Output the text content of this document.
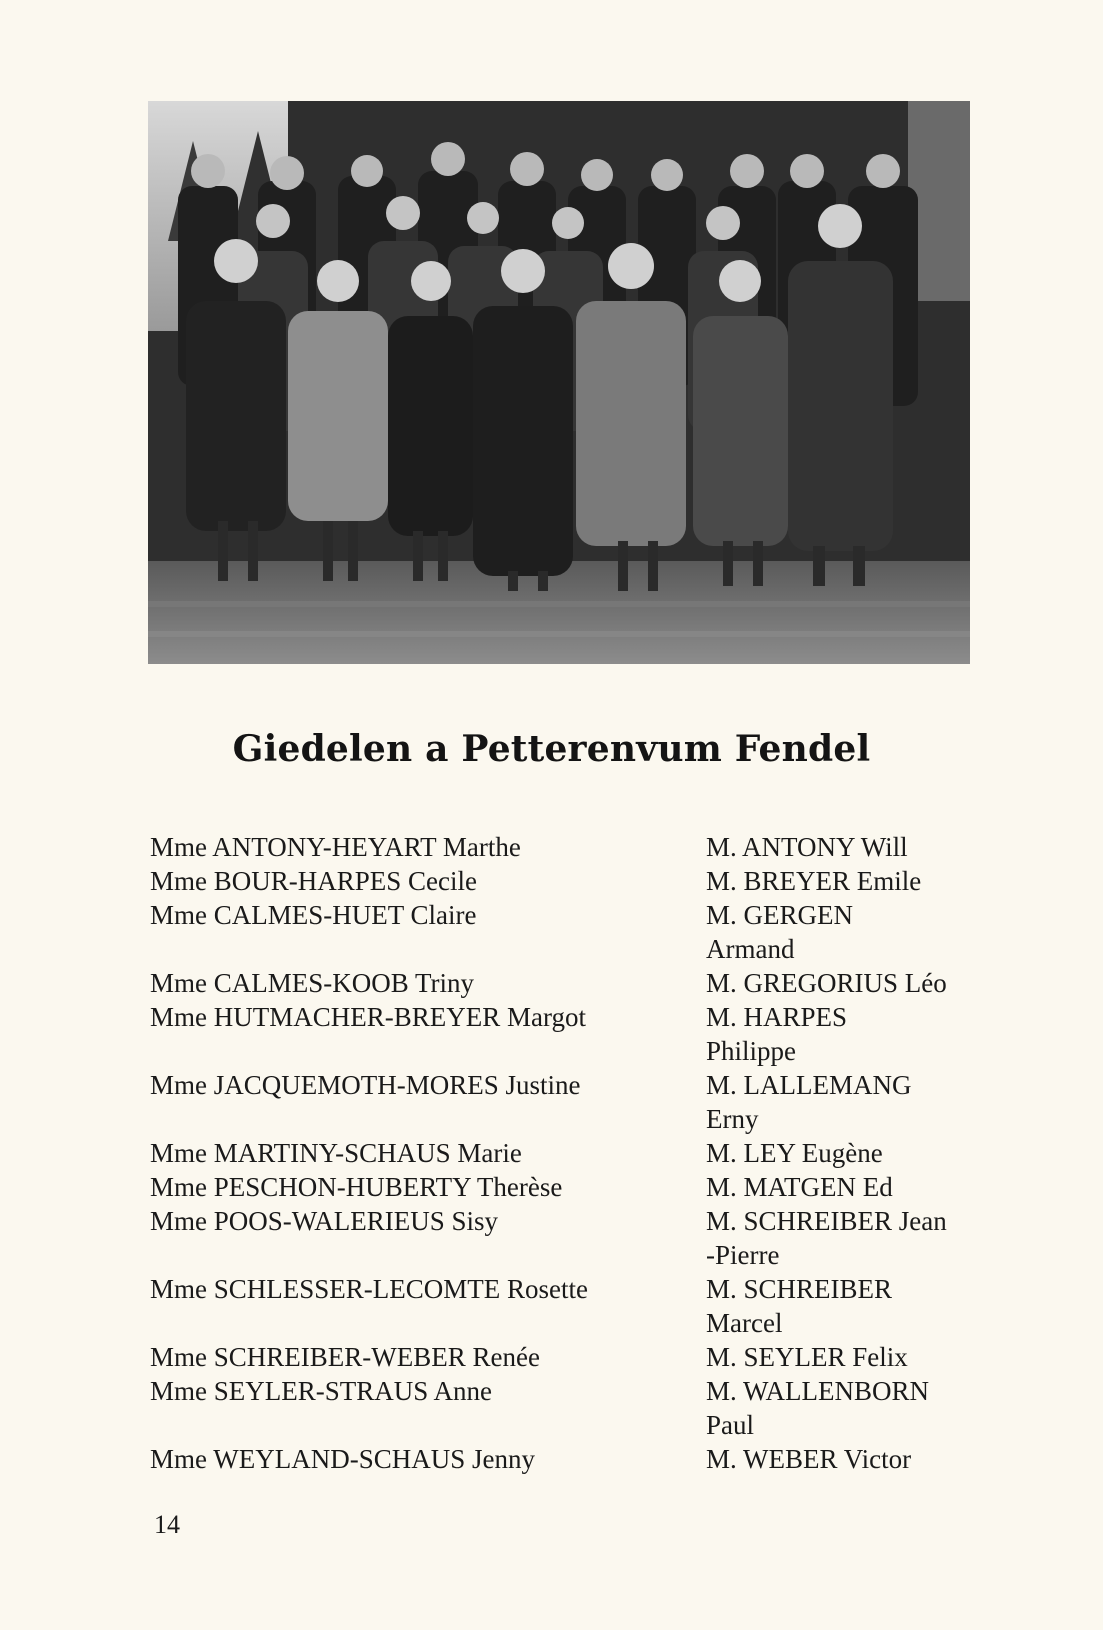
Giedelen a Petterenvum Fendel
Mme ANTONY-HEYART Marthe
Mme BOUR-HARPES Cecile
Mme CALMES-HUET Claire
Mme CALMES-KOOB Triny
Mme HUTMACHER-BREYER Margot
Mme JACQUEMOTH-MORES Justine
Mme MARTINY-SCHAUS Marie
Mme PESCHON-HUBERTY Therèse
Mme POOS-WALERIEUS Sisy
Mme SCHLESSER-LECOMTE Rosette
Mme SCHREIBER-WEBER Renée
Mme SEYLER-STRAUS Anne
Mme WEYLAND-SCHAUS Jenny
M. ANTONY Will
M. BREYER Emile
M. GERGEN
Armand
M. GREGORIUS Léo
M. HARPES
Philippe
M. LALLEMANG
Erny
M. LEY Eugène
M. MATGEN Ed
M. SCHREIBER Jean
-Pierre
M. SCHREIBER
Marcel
M. SEYLER Felix
M. WALLENBORN
Paul
M. WEBER Victor
14
